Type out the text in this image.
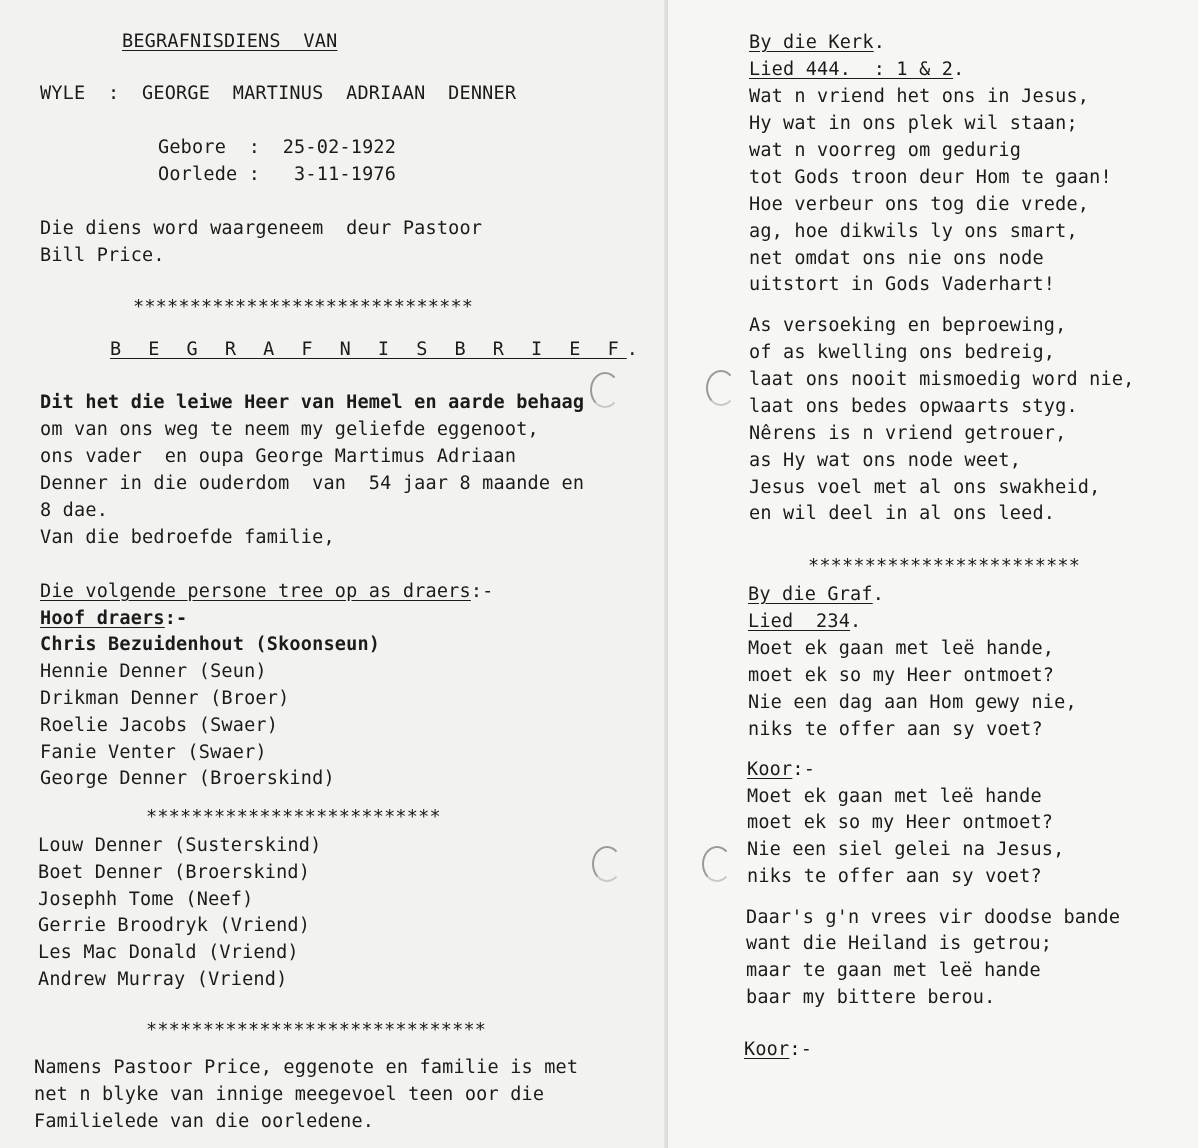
BEGRAFNISDIENS  VAN
WYLE  :  GEORGE  MARTINUS  ADRIAAN  DENNER
Gebore  :  25-02-1922
Oorlede :   3-11-1976
Die diens word waargeneem  deur Pastoor
Bill Price.
******************************
B E G R A F N I S B R I E F.
Dit het die leiwe Heer van Hemel en aarde behaag
om van ons weg te neem my geliefde eggenoot,
ons vader  en oupa George Martimus Adriaan
Denner in die ouderdom  van  54 jaar 8 maande en
8 dae.
Van die bedroefde familie,
Die volgende persone tree op as draers:-
Hoof draers:-
Chris Bezuidenhout (Skoonseun)
Hennie Denner (Seun)
Drikman Denner (Broer)
Roelie Jacobs (Swaer)
Fanie Venter (Swaer)
George Denner (Broerskind)
**************************
Louw Denner (Susterskind)
Boet Denner (Broerskind)
Josephh Tome (Neef)
Gerrie Broodryk (Vriend)
Les Mac Donald (Vriend)
Andrew Murray (Vriend)
******************************
Namens Pastoor Price, eggenote en familie is met
net n blyke van innige meegevoel teen oor die
Familielede van die oorledene.
By die Kerk.
Lied 444.  : 1 & 2.
Wat n vriend het ons in Jesus,
Hy wat in ons plek wil staan;
wat n voorreg om gedurig
tot Gods troon deur Hom te gaan!
Hoe verbeur ons tog die vrede,
ag, hoe dikwils ly ons smart,
net omdat ons nie ons node
uitstort in Gods Vaderhart!
As versoeking en beproewing,
of as kwelling ons bedreig,
laat ons nooit mismoedig word nie,
laat ons bedes opwaarts styg.
Nêrens is n vriend getrouer,
as Hy wat ons node weet,
Jesus voel met al ons swakheid,
en wil deel in al ons leed.
************************
By die Graf.
Lied  234.
Moet ek gaan met leë hande,
moet ek so my Heer ontmoet?
Nie een dag aan Hom gewy nie,
niks te offer aan sy voet?
Koor:-
Moet ek gaan met leë hande
moet ek so my Heer ontmoet?
Nie een siel gelei na Jesus,
niks te offer aan sy voet?
Daar's g'n vrees vir doodse bande
want die Heiland is getrou;
maar te gaan met leë hande
baar my bittere berou.
Koor:-
